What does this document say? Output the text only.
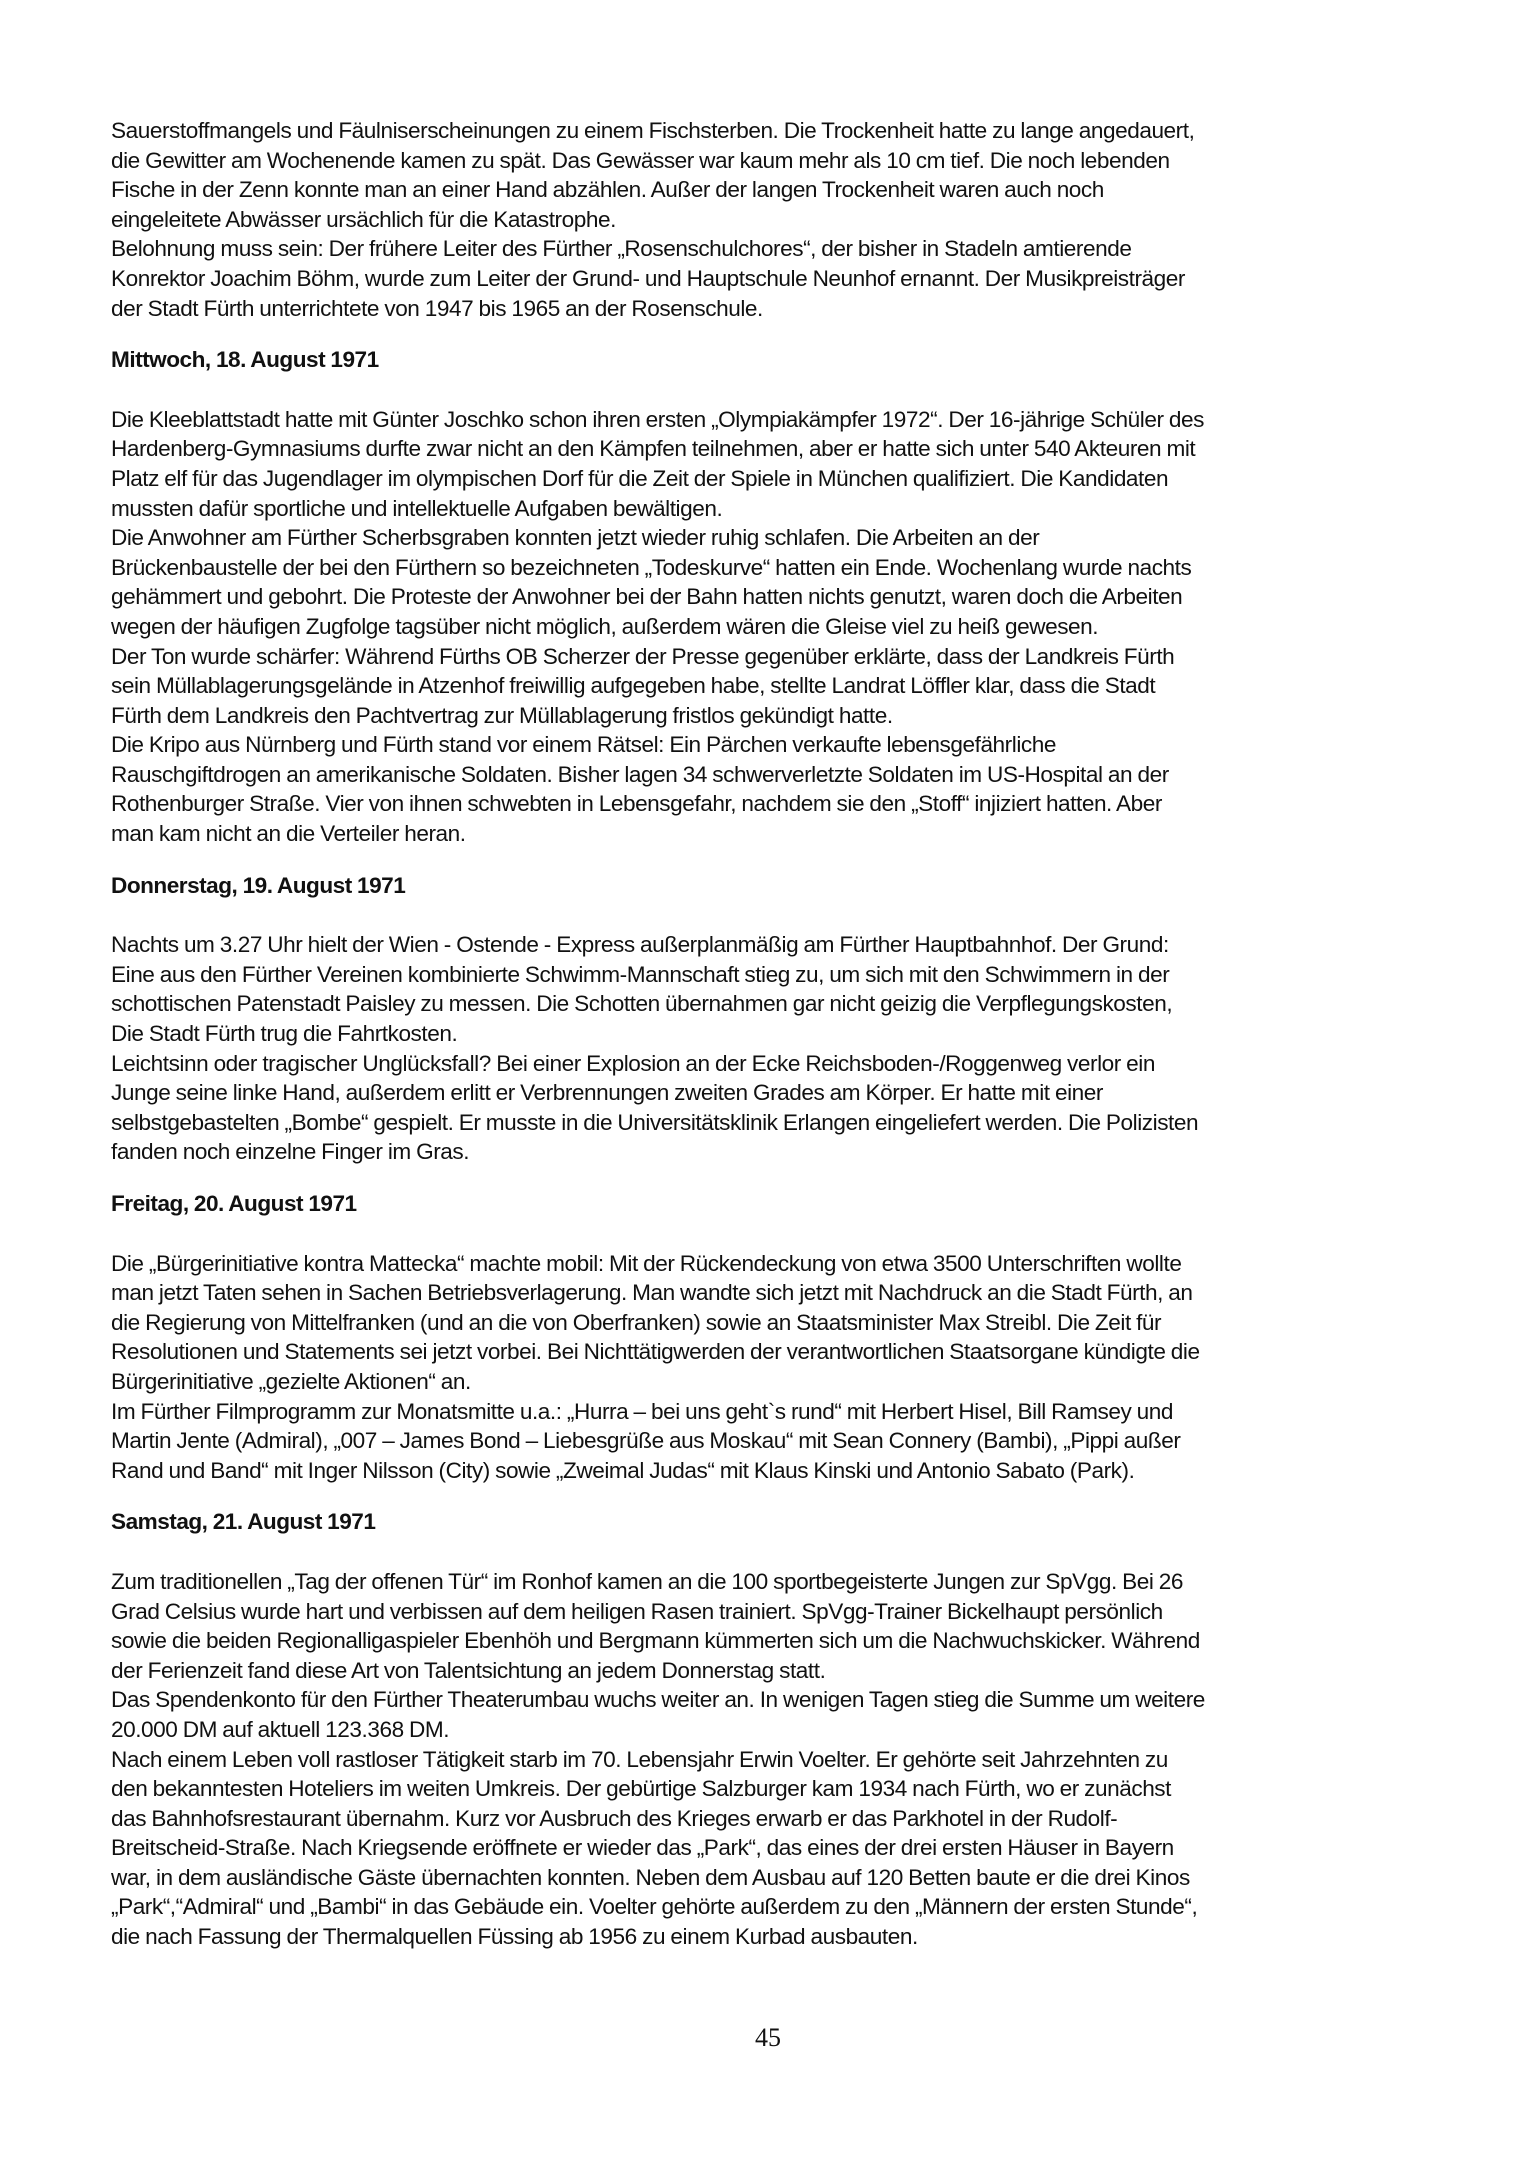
Sauerstoffmangels und Fäulniserscheinungen zu einem Fischsterben. Die Trockenheit hatte zu lange angedauert,
die Gewitter am Wochenende kamen zu spät. Das Gewässer war kaum mehr als 10 cm tief. Die noch lebenden
Fische in der Zenn konnte man an einer Hand abzählen. Außer der langen Trockenheit waren auch noch
eingeleitete Abwässer ursächlich für die Katastrophe.
Belohnung muss sein: Der frühere Leiter des Fürther „Rosenschulchores“, der bisher in Stadeln amtierende
Konrektor Joachim Böhm, wurde zum Leiter der Grund- und Hauptschule Neunhof ernannt. Der Musikpreisträger
der Stadt Fürth unterrichtete von 1947 bis 1965 an der Rosenschule.
Mittwoch, 18. August 1971
Die Kleeblattstadt hatte mit Günter Joschko schon ihren ersten „Olympiakämpfer 1972“. Der 16-jährige Schüler des
Hardenberg-Gymnasiums durfte zwar nicht an den Kämpfen teilnehmen, aber er hatte sich unter 540 Akteuren mit
Platz elf für das Jugendlager im olympischen Dorf für die Zeit der Spiele in München qualifiziert. Die Kandidaten
mussten dafür sportliche und intellektuelle Aufgaben bewältigen.
Die Anwohner am Fürther Scherbsgraben konnten jetzt wieder ruhig schlafen. Die Arbeiten an der
Brückenbaustelle der bei den Fürthern so bezeichneten „Todeskurve“ hatten ein Ende. Wochenlang wurde nachts
gehämmert und gebohrt. Die Proteste der Anwohner bei der Bahn hatten nichts genutzt, waren doch die Arbeiten
wegen der häufigen Zugfolge tagsüber nicht möglich, außerdem wären die Gleise viel zu heiß gewesen.
Der Ton wurde schärfer: Während Fürths OB Scherzer der Presse gegenüber erklärte, dass der Landkreis Fürth
sein Müllablagerungsgelände in Atzenhof freiwillig aufgegeben habe, stellte Landrat Löffler klar, dass die Stadt
Fürth dem Landkreis den Pachtvertrag zur Müllablagerung fristlos gekündigt hatte.
Die Kripo aus Nürnberg und Fürth stand vor einem Rätsel: Ein Pärchen verkaufte lebensgefährliche
Rauschgiftdrogen an amerikanische Soldaten. Bisher lagen 34 schwerverletzte Soldaten im US-Hospital an der
Rothenburger Straße. Vier von ihnen schwebten in Lebensgefahr, nachdem sie den „Stoff“ injiziert hatten. Aber
man kam nicht an die Verteiler heran.
Donnerstag, 19. August 1971
Nachts um 3.27 Uhr hielt der Wien - Ostende - Express außerplanmäßig am Fürther Hauptbahnhof. Der Grund:
Eine aus den Fürther Vereinen kombinierte Schwimm-Mannschaft stieg zu, um sich mit den Schwimmern in der
schottischen Patenstadt Paisley zu messen. Die Schotten übernahmen gar nicht geizig die Verpflegungskosten,
Die Stadt Fürth trug die Fahrtkosten.
Leichtsinn oder tragischer Unglücksfall? Bei einer Explosion an der Ecke Reichsboden-/Roggenweg verlor ein
Junge seine linke Hand, außerdem erlitt er Verbrennungen zweiten Grades am Körper. Er hatte mit einer
selbstgebastelten „Bombe“ gespielt. Er musste in die Universitätsklinik Erlangen eingeliefert werden. Die Polizisten
fanden noch einzelne Finger im Gras.
Freitag, 20. August 1971
Die „Bürgerinitiative kontra Mattecka“ machte mobil: Mit der Rückendeckung von etwa 3500 Unterschriften wollte
man jetzt Taten sehen in Sachen Betriebsverlagerung. Man wandte sich jetzt mit Nachdruck an die Stadt Fürth, an
die Regierung von Mittelfranken (und an die von Oberfranken) sowie an Staatsminister Max Streibl. Die Zeit für
Resolutionen und Statements sei jetzt vorbei. Bei Nichttätigwerden der verantwortlichen Staatsorgane kündigte die
Bürgerinitiative „gezielte Aktionen“ an.
Im Fürther Filmprogramm zur Monatsmitte u.a.: „Hurra – bei uns geht`s rund“ mit Herbert Hisel, Bill Ramsey und
Martin Jente (Admiral), „007 – James Bond – Liebesgrüße aus Moskau“ mit Sean Connery (Bambi), „Pippi außer
Rand und Band“ mit Inger Nilsson (City) sowie „Zweimal Judas“ mit Klaus Kinski und Antonio Sabato (Park).
Samstag, 21. August 1971
Zum traditionellen „Tag der offenen Tür“ im Ronhof kamen an die 100 sportbegeisterte Jungen zur SpVgg. Bei 26
Grad Celsius wurde hart und verbissen auf dem heiligen Rasen trainiert. SpVgg-Trainer Bickelhaupt persönlich
sowie die beiden Regionalligaspieler Ebenhöh und Bergmann kümmerten sich um die Nachwuchskicker. Während
der Ferienzeit fand diese Art von Talentsichtung an jedem Donnerstag statt.
Das Spendenkonto für den Fürther Theaterumbau wuchs weiter an. In wenigen Tagen stieg die Summe um weitere
20.000 DM auf aktuell 123.368 DM.
Nach einem Leben voll rastloser Tätigkeit starb im 70. Lebensjahr Erwin Voelter. Er gehörte seit Jahrzehnten zu
den bekanntesten Hoteliers im weiten Umkreis. Der gebürtige Salzburger kam 1934 nach Fürth, wo er zunächst
das Bahnhofsrestaurant übernahm. Kurz vor Ausbruch des Krieges erwarb er das Parkhotel in der Rudolf-
Breitscheid-Straße. Nach Kriegsende eröffnete er wieder das „Park“, das eines der drei ersten Häuser in Bayern
war, in dem ausländische Gäste übernachten konnten. Neben dem Ausbau auf 120 Betten baute er die drei Kinos
„Park“,“Admiral“ und „Bambi“ in das Gebäude ein. Voelter gehörte außerdem zu den „Männern der ersten Stunde“,
die nach Fassung der Thermalquellen Füssing ab 1956 zu einem Kurbad ausbauten.
45
